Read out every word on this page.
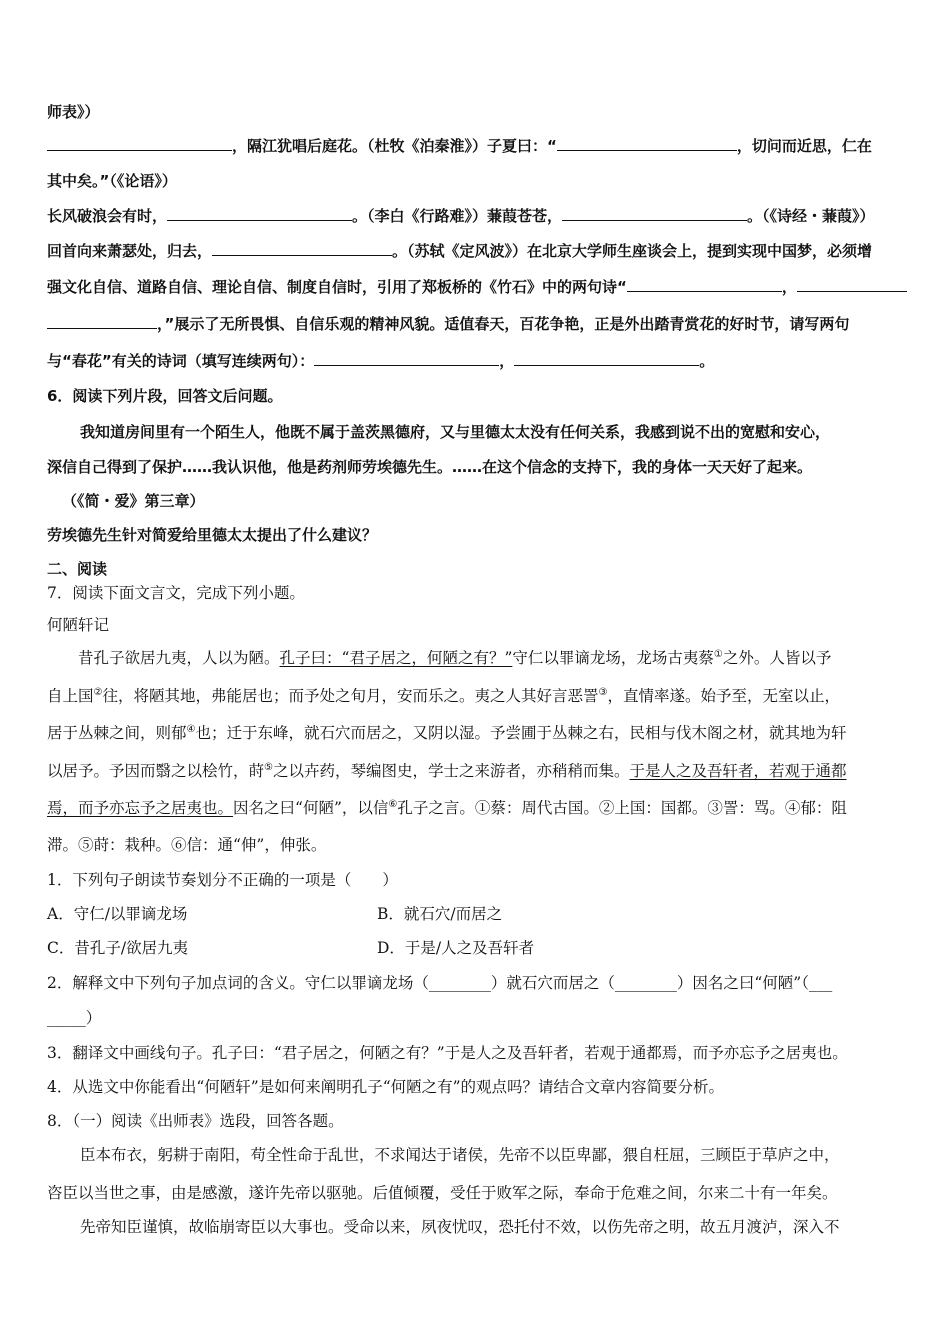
师表》）
，隔江犹唱后庭花。（杜牧《泊秦淮》）子夏曰：“	，切问而近思，仁在
其中矣。”（《论语》）
长风破浪会有时，	。（李白《行路难》）蒹葭苍苍，	。（《诗经・蒹葭》）
回首向来萧瑟处，归去，	。（苏轼《定风波》）在北京大学师生座谈会上，提到实现中国梦，必须增
强文化自信、道路自信、理论自信、制度自信时，引用了郑板桥的《竹石》中的两句诗“	，
，”展示了无所畏惧、自信乐观的精神风貌。适值春天，百花争艳，正是外出踏青赏花的好时节，请写两句
与“春花”有关的诗词（填写连续两句）：	，	。
6．阅读下列片段，回答文后问题。
我知道房间里有一个陌生人，他既不属于盖茨黑德府，又与里德太太没有任何关系，我感到说不出的宽慰和安心，
深信自己得到了保护……我认识他，他是药剂师劳埃德先生。……在这个信念的支持下，我的身体一天天好了起来。
（《简・爱》第三章）
劳埃德先生针对简爱给里德太太提出了什么建议？
二、阅读
7．阅读下面文言文，完成下列小题。
何陋轩记
昔孔子欲居九夷，人以为陋。孔子曰：“君子居之，何陋之有？”守仁以罪谪龙场，龙场古夷蔡①之外。人皆以予
自上国②往，将陋其地，弗能居也；而予处之旬月，安而乐之。夷之人其好言恶詈③，直情率遂。始予至，无室以止，
居于丛棘之间，则郁④也；迁于东峰，就石穴而居之，又阴以湿。予尝圃于丛棘之右，民相与伐木阁之材，就其地为轩
以居予。予因而翳之以桧竹，莳⑤之以卉药，琴编图史，学士之来游者，亦稍稍而集。于是人之及吾轩者，若观于通都
焉，而予亦忘予之居夷也。因名之曰“何陋”，以信⑥孔子之言。①蔡：周代古国。②上国：国都。③詈：骂。④郁：阻
滞。⑤莳：栽种。⑥信：通“伸”，伸张。
1．下列句子朗读节奏划分不正确的一项是（　　）
A．守仁/以罪谪龙场	B．就石穴/而居之
C．昔孔子/欲居九夷	D．于是/人之及吾轩者
2．解释文中下列句子加点词的含义。守仁以罪谪龙场（________）就石穴而居之（________）因名之曰“何陋”（___
_____）
3．翻译文中画线句子。孔子曰：“君子居之，何陋之有？”于是人之及吾轩者，若观于通都焉，而予亦忘予之居夷也。
4．从选文中你能看出“何陋轩”是如何来阐明孔子“何陋之有”的观点吗？请结合文章内容简要分析。
8．（一）阅读《出师表》选段，回答各题。
臣本布衣，躬耕于南阳，苟全性命于乱世，不求闻达于诸侯，先帝不以臣卑鄙，猥自枉屈，三顾臣于草庐之中，
咨臣以当世之事，由是感激，遂许先帝以驱驰。后值倾覆，受任于败军之际，奉命于危难之间，尔来二十有一年矣。
先帝知臣谨慎，故临崩寄臣以大事也。受命以来，夙夜忧叹，恐托付不效，以伤先帝之明，故五月渡泸，深入不
